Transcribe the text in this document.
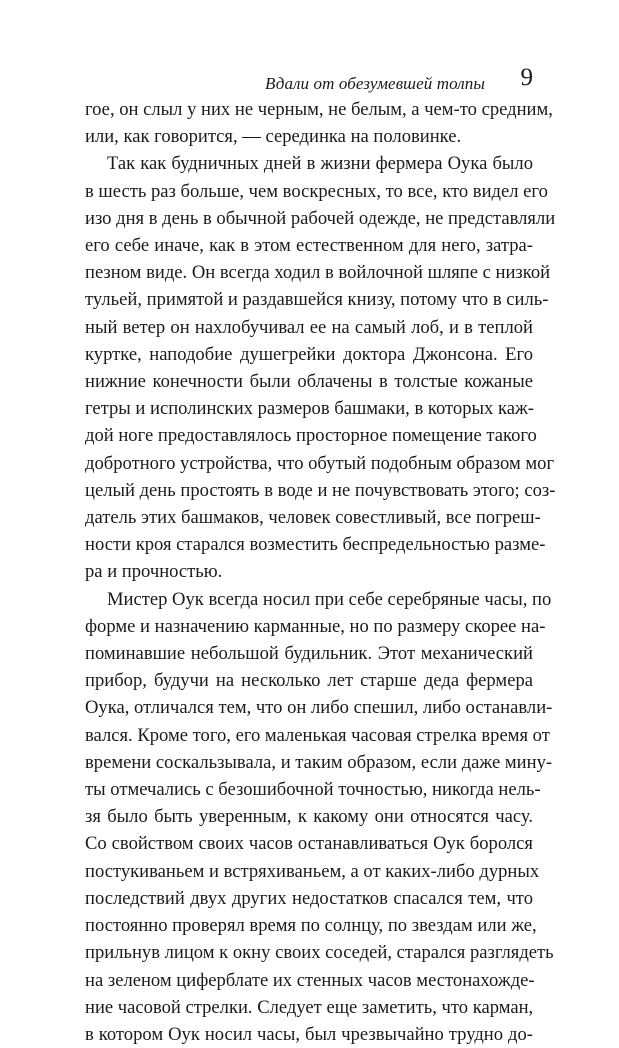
Вдали от обезумевшей толпы 9

гое, он слыл у них не черным, не белым, а чем-то средним,

или, как говорится, — серединка на половинке.

Так как будничных дней в жизни фермера Оука было

в шесть раз больше, чем воскресных, то все, кто видел его

изо дня в день в обычной рабочей одежде, не представляли

его себе иначе, как в этом естественном для него, затра-

пезном виде. Он всегда ходил в войлочной шляпе с низкой

тульей, примятой и раздавшейся книзу, потому что в силь-

ный ветер он нахлобучивал ее на самый лоб, и в теплой

куртке, наподобие душегрейки доктора Джонсона. Его

нижние конечности были облачены в толстые кожаные

гетры и исполинских размеров башмаки, в которых каж-

дой ноге предоставлялось просторное помещение такого

добротного устройства, что обутый подобным образом мог

целый день простоять в воде и не почувствовать этого; соз-

датель этих башмаков, человек совестливый, все погреш-

ности кроя старался возместить беспредельностью разме-

ра и прочностью.

Мистер Оук всегда носил при себе серебряные часы, по

форме и назначению карманные, но по размеру скорее на-

поминавшие небольшой будильник. Этот механический

прибор, будучи на несколько лет старше деда фермера

Оука, отличался тем, что он либо спешил, либо останавли-

вался. Кроме того, его маленькая часовая стрелка время от

времени соскальзывала, и таким образом, если даже мину-

ты отмечались с безошибочной точностью, никогда нель-

зя было быть уверенным, к какому они относятся часу.

Со свойством своих часов останавливаться Оук боролся

постукиваньем и встряхиваньем, а от каких-либо дурных

последствий двух других недостатков спасался тем, что

постоянно проверял время по солнцу, по звездам или же,

прильнув лицом к окну своих соседей, старался разглядеть

на зеленом циферблате их стенных часов местонахожде-

ние часовой стрелки. Следует еще заметить, что карман,

в котором Оук носил часы, был чрезвычайно трудно до-
